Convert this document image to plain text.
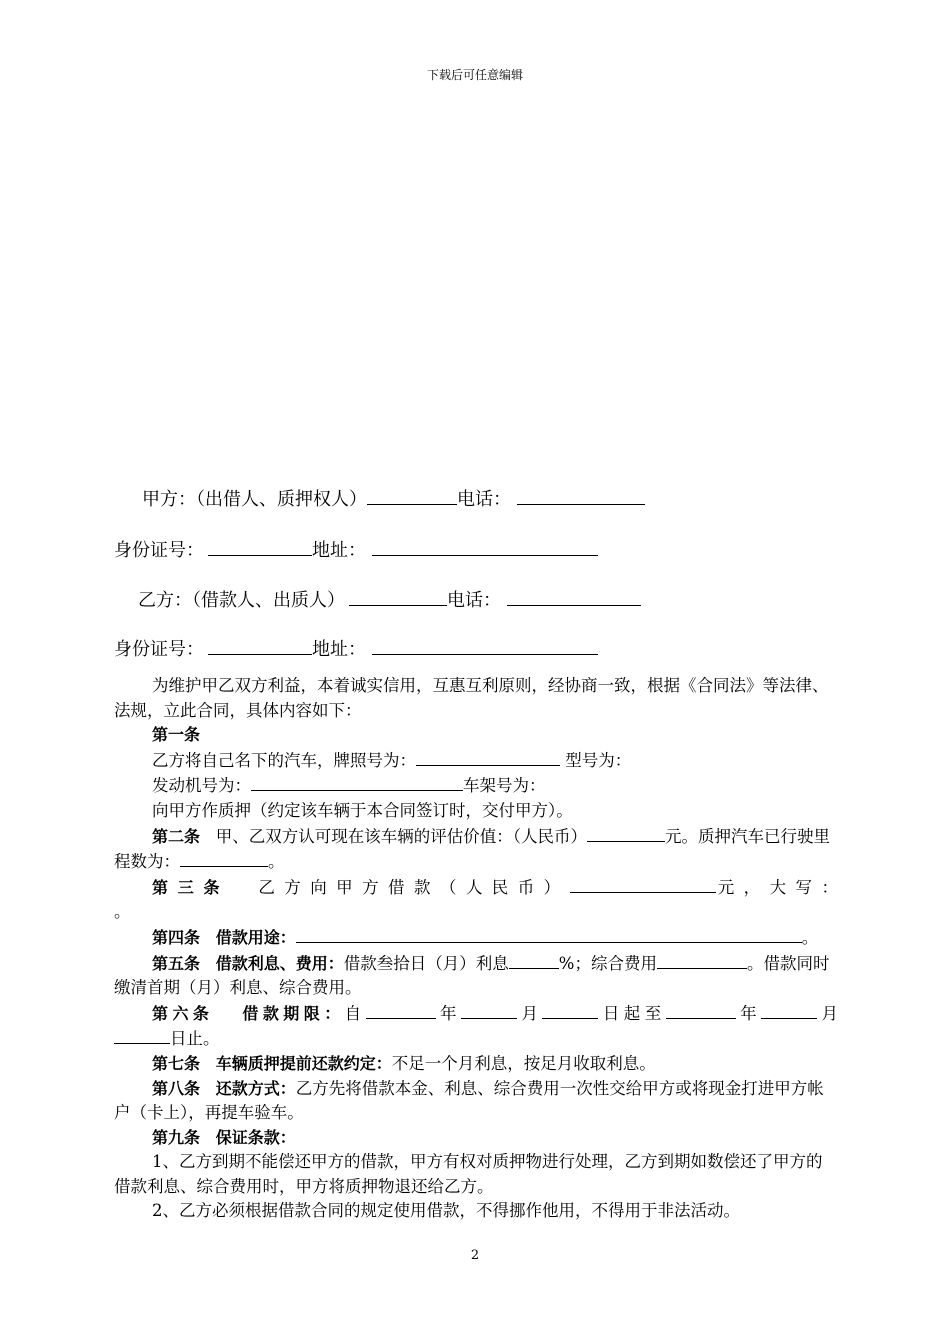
下载后可任意编辑
甲方：（出借人、质押权人）	电话：
身份证号：	地址：
乙方：（借款人、出质人）	电话：
身份证号：	地址：

为维护甲乙双方利益，本着诚实信用，互惠互利原则，经协商一致，根据《合同法》等法律、法规，立此合同，具体内容如下：

第一条

乙方将自己名下的汽车，牌照号为：	型号为：

发动机号为：	车架号为：

向甲方作质押（约定该车辆于本合同签订时，交付甲方）。

第二条 甲、乙双方认可现在该车辆的评估价值：（人民币）	元。质押汽车已行驶里程数为：	。

第 三 条 乙 方 向 甲 方 借 款 （ 人 民 币 ）	元 ， 大 写 ：

。

第四条 借款用途：	。

第五条 借款利息、费用：借款叁拾日（月）利息	%；综合费用	。借款同时缴清首期（月）利息、综合费用。

第六条 借款期限：自	年	月	日起至	年	月

日止。

第七条 车辆质押提前还款约定：不足一个月利息，按足月收取利息。

第八条 还款方式：乙方先将借款本金、利息、综合费用一次性交给甲方或将现金打进甲方帐户（卡上），再提车验车。

第九条 保证条款：

1、乙方到期不能偿还甲方的借款，甲方有权对质押物进行处理，乙方到期如数偿还了甲方的借款利息、综合费用时，甲方将质押物退还给乙方。

2、乙方必须根据借款合同的规定使用借款，不得挪作他用，不得用于非法活动。

2
